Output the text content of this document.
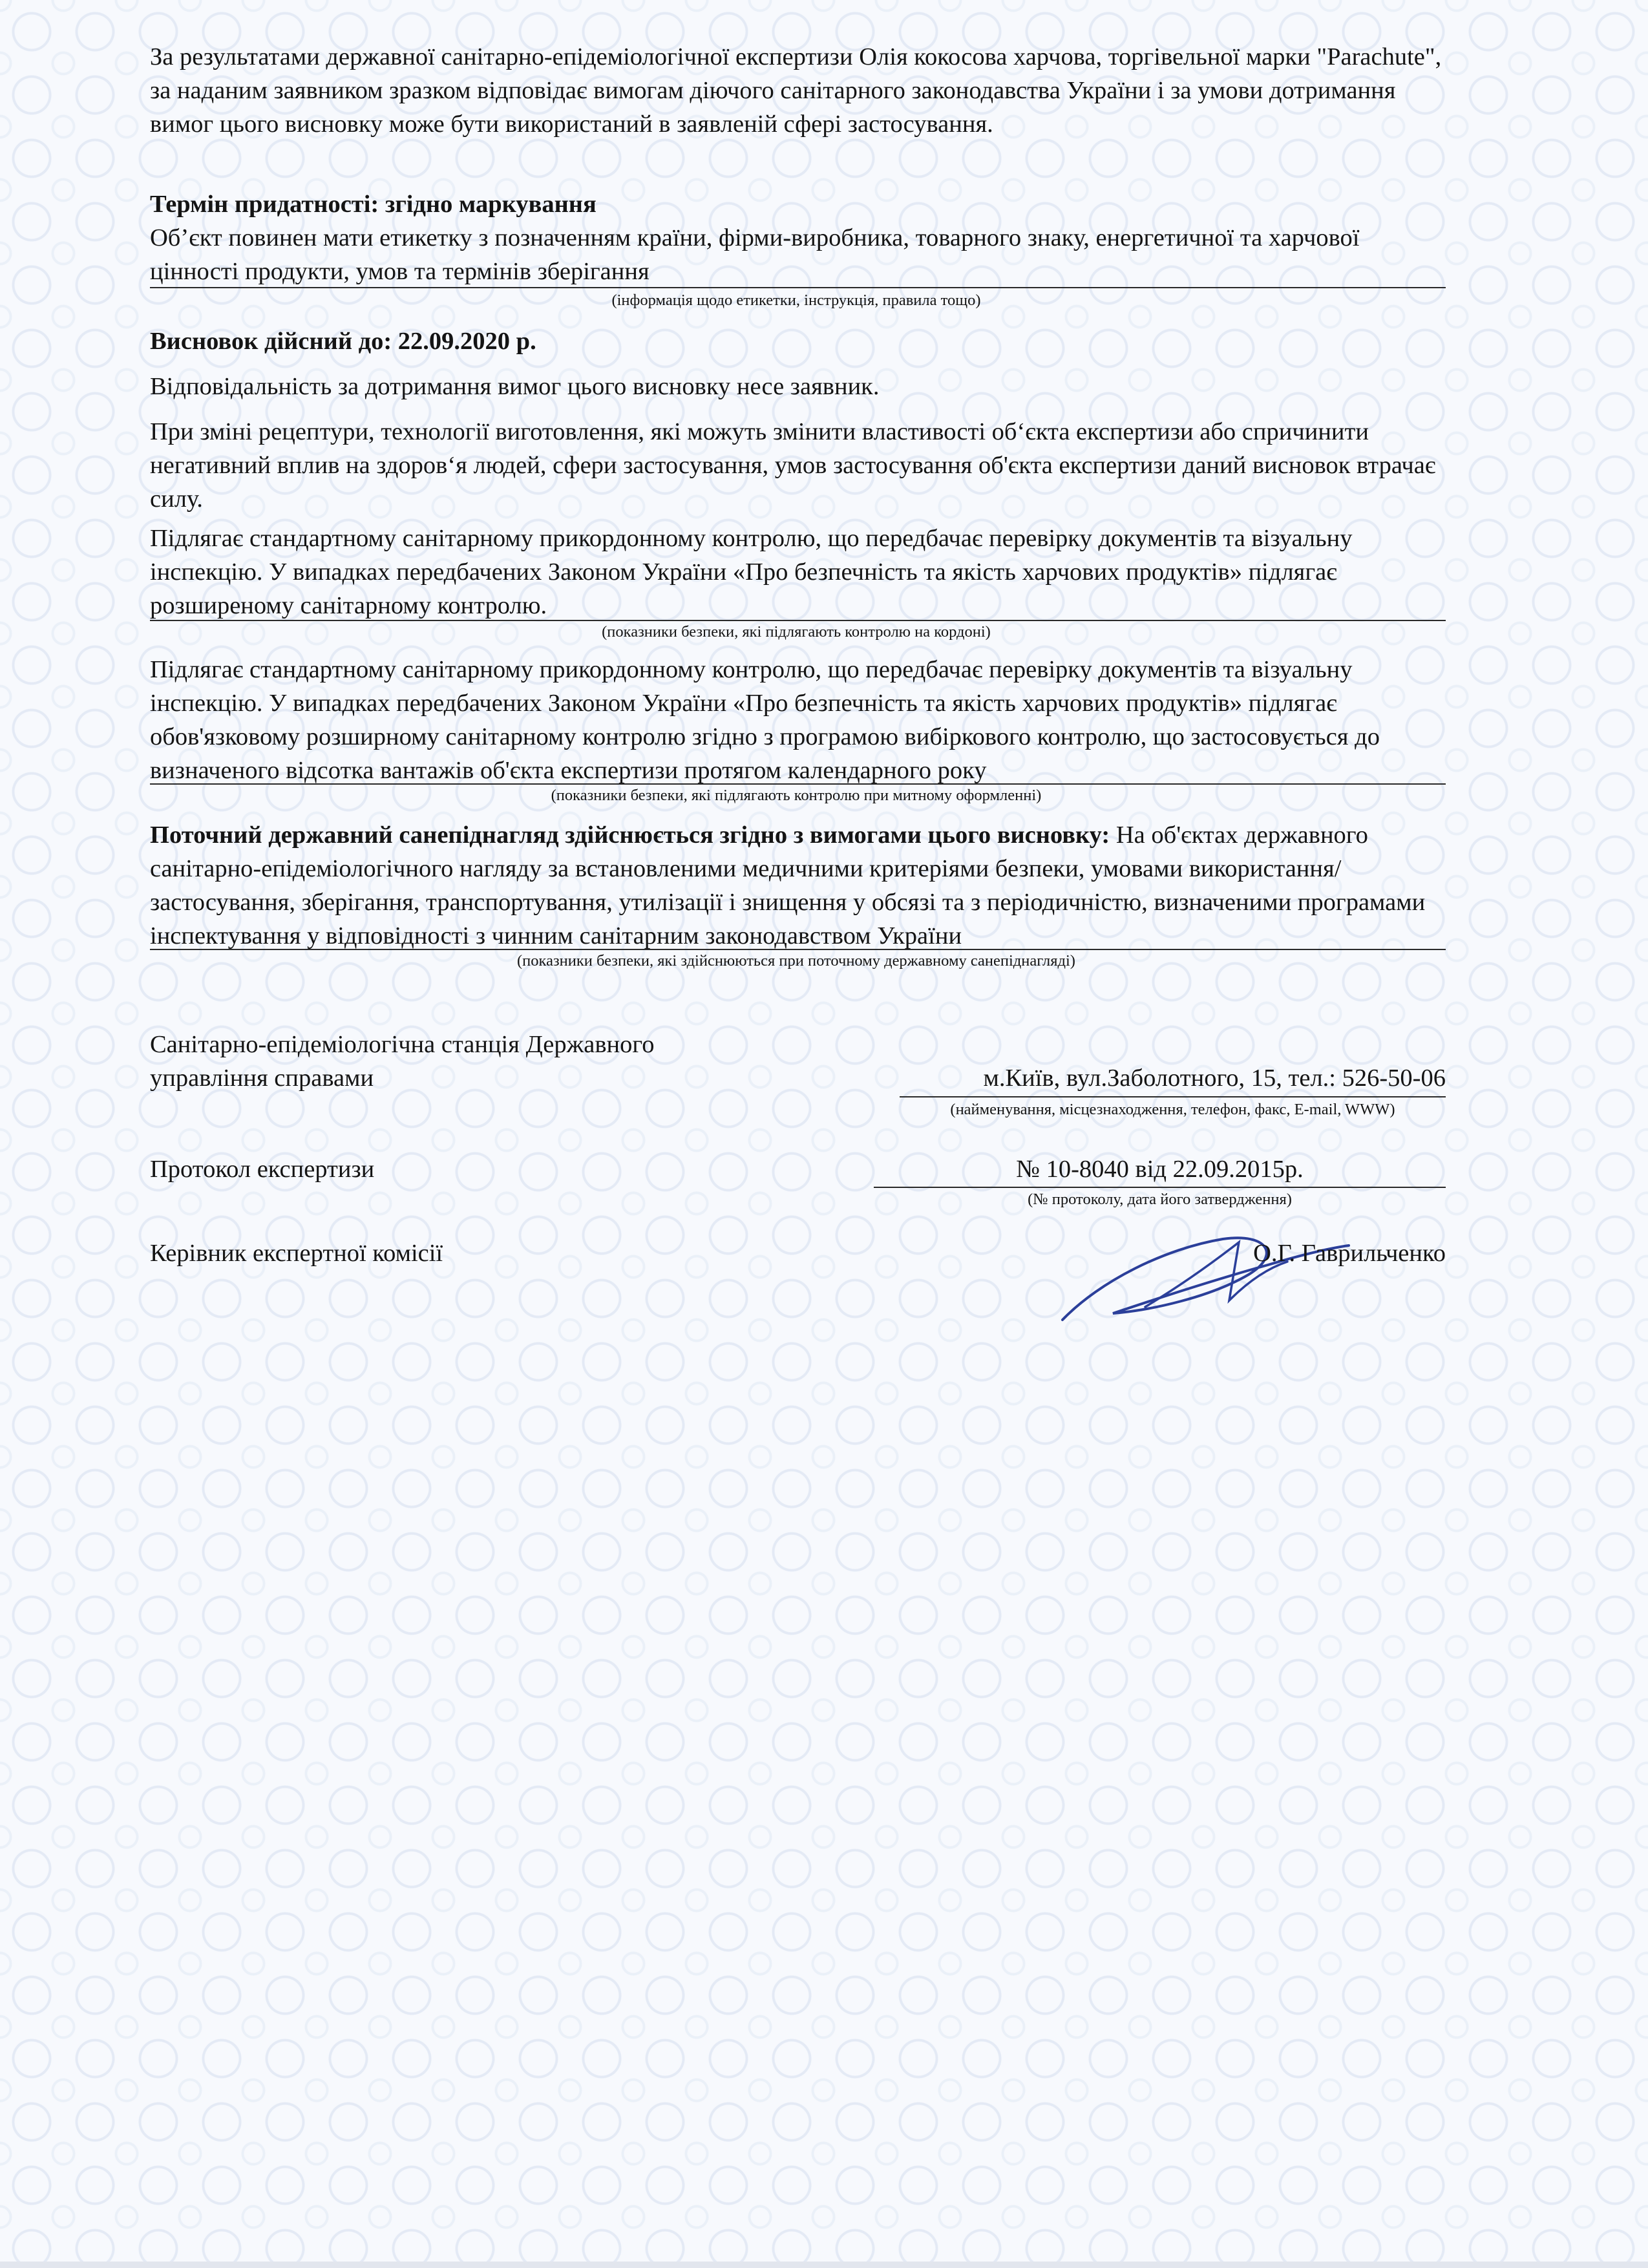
За результатами державної санітарно-епідеміологічної експертизи Олія кокосова харчова, торгівельної марки "Parachute", за наданим заявником зразком відповідає вимогам діючого санітарного законодавства України і за умови дотримання вимог цього висновку може бути використаний в заявленій сфері застосування.

Термін придатності: згідно маркування

Об’єкт повинен мати етикетку з позначенням країни, фірми-виробника, товарного знаку, енергетичної та харчової цінності продукти, умов та термінів зберігання

(інформація щодо етикетки, інструкція, правила тощо)

Висновок дійсний до: 22.09.2020 р.

Відповідальність за дотримання вимог цього висновку несе заявник.

При зміні рецептури, технології виготовлення, які можуть змінити властивості об‘єкта експертизи або спричинити негативний вплив на здоров‘я людей, сфери застосування, умов застосування об'єкта експертизи даний висновок втрачає силу.

Підлягає стандартному санітарному прикордонному контролю, що передбачає перевірку документів та візуальну інспекцію. У випадках передбачених Законом України «Про безпечність та якість харчових продуктів» підлягає розширеному санітарному контролю.

(показники безпеки, які підлягають контролю на кордоні)

Підлягає стандартному санітарному прикордонному контролю, що передбачає перевірку документів та візуальну інспекцію. У випадках передбачених Законом України «Про безпечність та якість харчових продуктів» підлягає обов'язковому розширному санітарному контролю згідно з програмою вибіркового контролю, що застосовується до визначеного відсотка вантажів об'єкта експертизи протягом календарного року

(показники безпеки, які підлягають контролю при митному оформленні)

Поточний державний санепіднагляд здійснюється згідно з вимогами цього висновку: На об'єктах державного санітарно-епідеміологічного нагляду за встановленими медичними критеріями безпеки, умовами використання/застосування, зберігання, транспортування, утилізації і знищення у обсязі та з періодичністю, визначеними програмами інспектування у відповідності з чинним санітарним законодавством України

(показники безпеки, які здійснюються при поточному державному санепіднагляді)

Санітарно-епідеміологічна станція Державного

управління справами	м.Київ, вул.Заболотного, 15, тел.: 526-50-06

(найменування, місцезнаходження, телефон, факс, E-mail, WWW)

Протокол експертизи	№ 10-8040 від 22.09.2015р.

(№ протоколу, дата його затвердження)

Керівник експертної комісії	О.Г. Гаврильченко
